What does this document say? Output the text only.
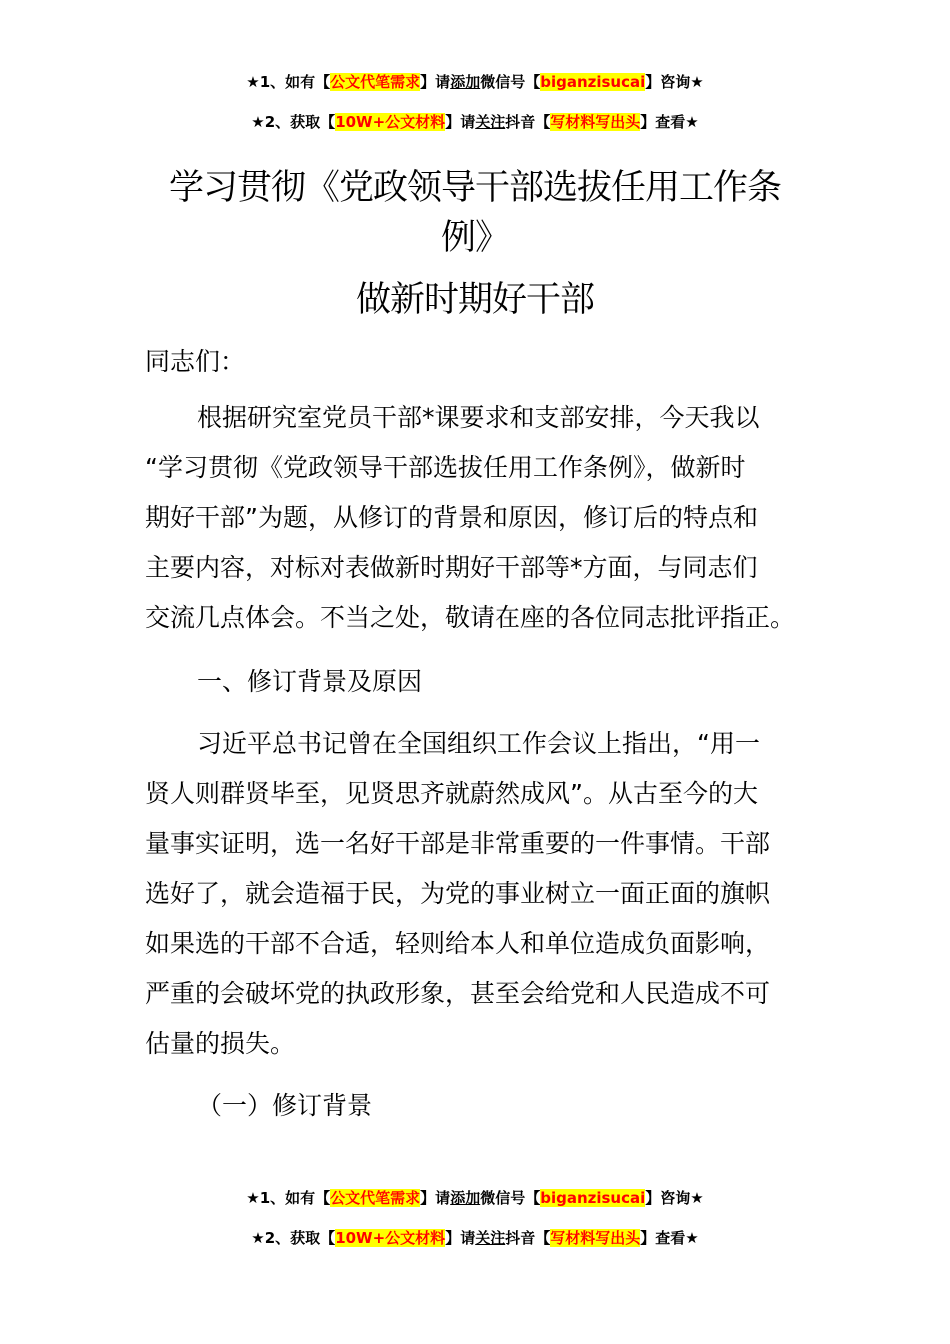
★1、如有【公文代笔需求】请添加微信号【biganzisucai】咨询★
★2、获取【10W+公文材料】请关注抖音【写材料写出头】查看★
学习贯彻《党政领导干部选拔任用工作条
例》
做新时期好干部
同志们：
根据研究室党员干部*课要求和支部安排，今天我以
“学习贯彻《党政领导干部选拔任用工作条例》，做新时
期好干部”为题，从修订的背景和原因，修订后的特点和
主要内容，对标对表做新时期好干部等*方面，与同志们
交流几点体会。不当之处，敬请在座的各位同志批评指正。
一、修订背景及原因
习近平总书记曾在全国组织工作会议上指出，“用一
贤人则群贤毕至，见贤思齐就蔚然成风”。从古至今的大
量事实证明，选一名好干部是非常重要的一件事情。干部
选好了，就会造福于民，为党的事业树立一面正面的旗帜
如果选的干部不合适，轻则给本人和单位造成负面影响，
严重的会破坏党的执政形象，甚至会给党和人民造成不可
估量的损失。
（一）修订背景
★1、如有【公文代笔需求】请添加微信号【biganzisucai】咨询★
★2、获取【10W+公文材料】请关注抖音【写材料写出头】查看★
